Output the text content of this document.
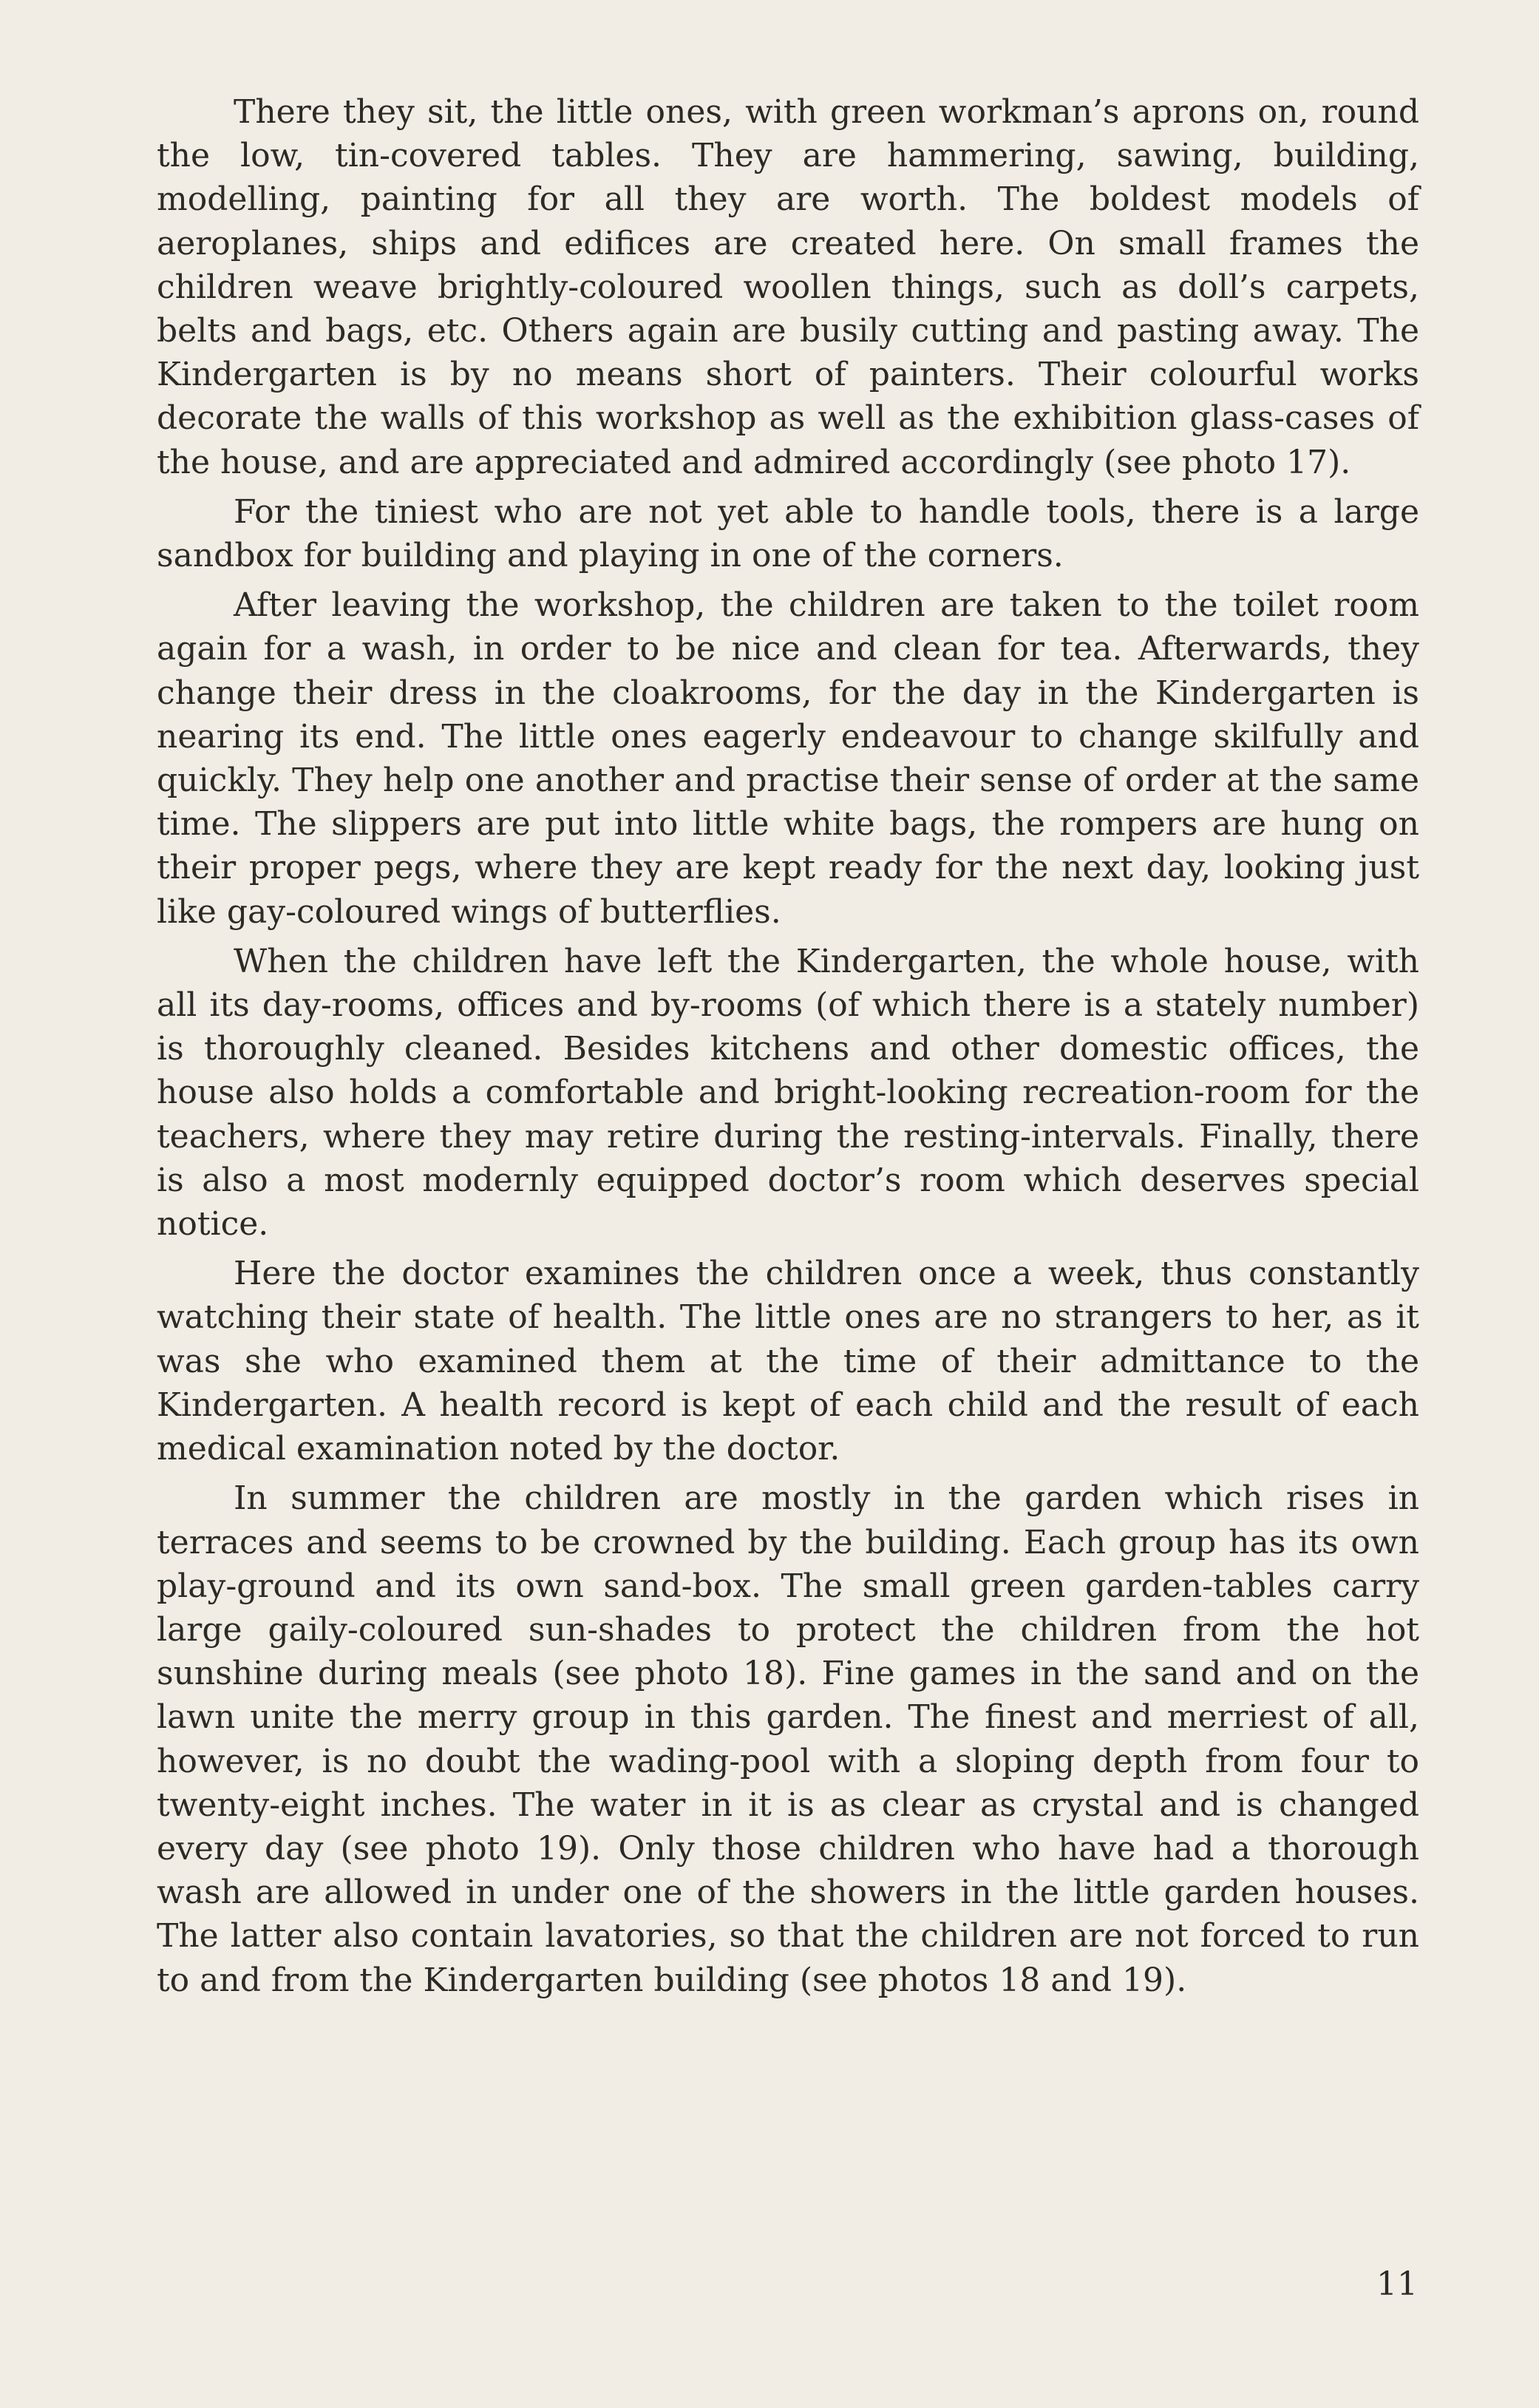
There they sit, the little ones, with green workman’s aprons on, round the low, tin-covered tables. They are hammering, sawing, building, modelling, painting for all they are worth. The boldest models of aeroplanes, ships and edifices are created here. On small frames the children weave brightly-coloured woollen things, such as doll’s carpets, belts and bags, etc. Others again are busily cutting and pasting away. The Kindergarten is by no means short of painters. Their colourful works decorate the walls of this workshop as well as the exhibition glass-cases of the house, and are appreciated and admired accordingly (see photo 17).

For the tiniest who are not yet able to handle tools, there is a large sandbox for building and playing in one of the corners.

After leaving the workshop, the children are taken to the toilet room again for a wash, in order to be nice and clean for tea. Afterwards, they change their dress in the cloakrooms, for the day in the Kindergarten is nearing its end. The little ones eagerly endeavour to change skilfully and quickly. They help one another and practise their sense of order at the same time. The slippers are put into little white bags, the rompers are hung on their proper pegs, where they are kept ready for the next day, looking just like gay-coloured wings of butterflies.

When the children have left the Kindergarten, the whole house, with all its day-rooms, offices and by-rooms (of which there is a stately number) is thoroughly cleaned. Besides kitchens and other domestic offices, the house also holds a comfortable and bright-looking recreation-room for the teachers, where they may retire during the resting-intervals. Finally, there is also a most modernly equipped doctor’s room which deserves special notice.

Here the doctor examines the children once a week, thus constantly watching their state of health. The little ones are no strangers to her, as it was she who examined them at the time of their admittance to the Kindergarten. A health record is kept of each child and the result of each medical examination noted by the doctor.

In summer the children are mostly in the garden which rises in terraces and seems to be crowned by the building. Each group has its own play-ground and its own sand-box. The small green garden-tables carry large gaily-coloured sun-shades to protect the children from the hot sunshine during meals (see photo 18). Fine games in the sand and on the lawn unite the merry group in this garden. The finest and merriest of all, however, is no doubt the wading-pool with a sloping depth from four to twenty-eight inches. The water in it is as clear as crystal and is changed every day (see photo 19). Only those children who have had a thorough wash are allowed in under one of the showers in the little garden houses. The latter also contain lavatories, so that the children are not forced to run to and from the Kindergarten building (see photos 18 and 19).

11
